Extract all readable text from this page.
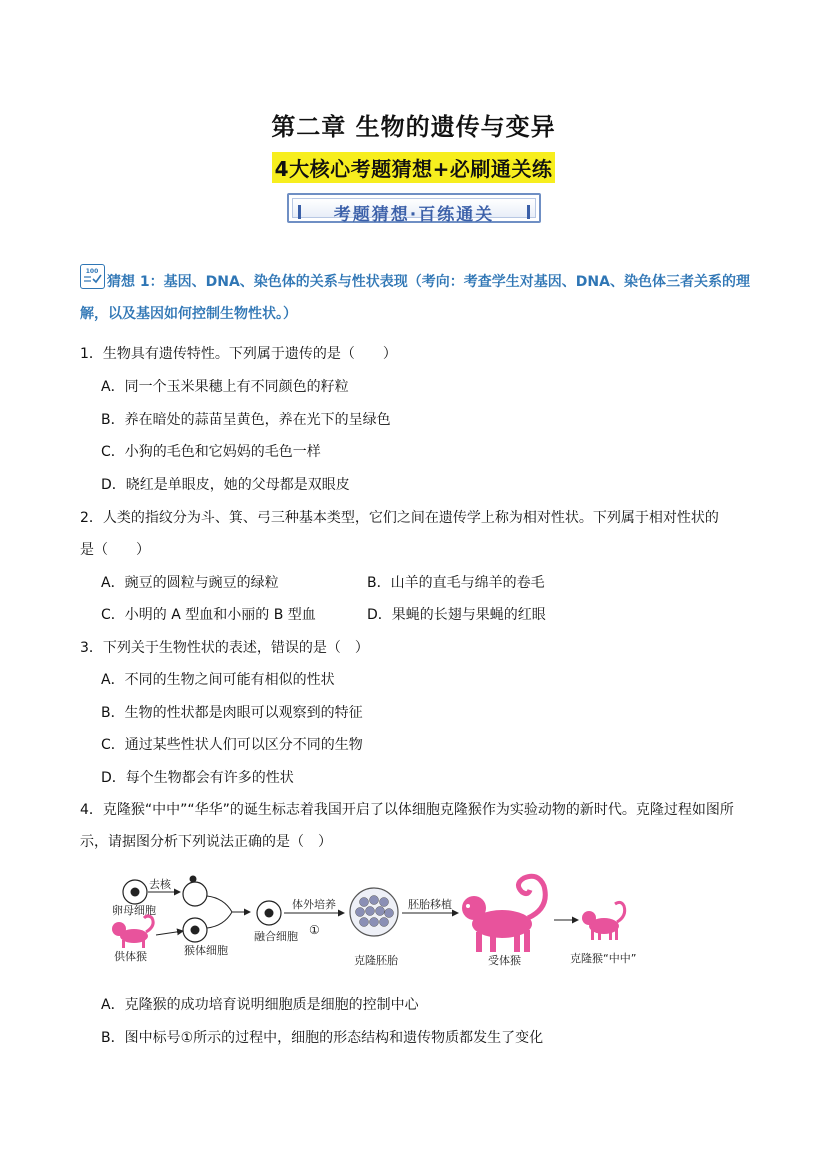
第二章 生物的遗传与变异
4大核心考题猜想+必刷通关练
考题猜想·百练通关
100
猜想 1：基因、DNA、染色体的关系与性状表现（考向：考查学生对基因、DNA、染色体三者关系的理
解，以及基因如何控制生物性状。）
1．生物具有遗传特性。下列属于遗传的是（　　）
A．同一个玉米果穗上有不同颜色的籽粒
B．养在暗处的蒜苗呈黄色，养在光下的呈绿色
C．小狗的毛色和它妈妈的毛色一样
D．晓红是单眼皮，她的父母都是双眼皮
2．人类的指纹分为斗、箕、弓三种基本类型，它们之间在遗传学上称为相对性状。下列属于相对性状的
是（　　）
A．豌豆的圆粒与豌豆的绿粒	B．山羊的直毛与绵羊的卷毛
C．小明的 A 型血和小丽的 B 型血	D．果蝇的长翅与果蝇的红眼
3．下列关于生物性状的表述，错误的是（　）
A．不同的生物之间可能有相似的性状
B．生物的性状都是肉眼可以观察到的特征
C．通过某些性状人们可以区分不同的生物
D．每个生物都会有许多的性状
4．克隆猴“中中”“华华”的诞生标志着我国开启了以体细胞克隆猴作为实验动物的新时代。克隆过程如图所
示，请据图分析下列说法正确的是（　）
去核
卵母细胞
供体猴	猴体细胞
融合细胞
体外培养
①
克隆胚胎
胚胎移植
受体猴	克隆猴“中中”
A．克隆猴的成功培育说明细胞质是细胞的控制中心
B．图中标号①所示的过程中，细胞的形态结构和遗传物质都发生了变化
